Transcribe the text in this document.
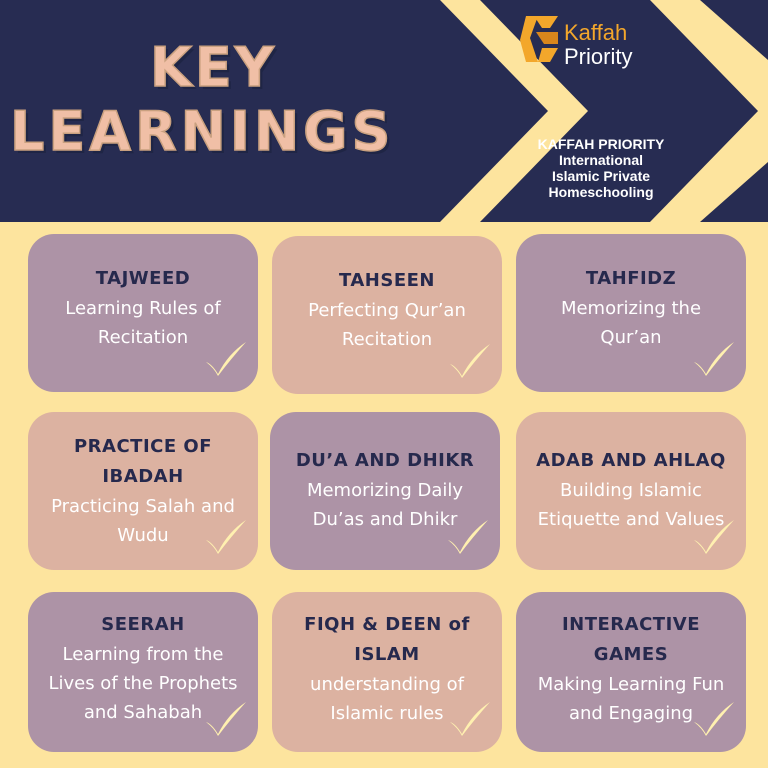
KEY
LEARNINGS
Kaffah
Priority
KAFFAH PRIORITY
International
Islamic Private
Homeschooling
TAJWEED
Learning Rules of
Recitation
TAHSEEN
Perfecting Qur’an
Recitation
TAHFIDZ
Memorizing the
Qur’an
PRACTICE OF
IBADAH
Practicing Salah and
Wudu
DU’A AND DHIKR
Memorizing Daily
Du’as and Dhikr
ADAB AND AHLAQ
Building Islamic
Etiquette and Values
SEERAH
Learning from the
Lives of the Prophets
and Sahabah
FIQH & DEEN of
ISLAM
understanding of
Islamic rules
INTERACTIVE
GAMES
Making Learning Fun
and Engaging
